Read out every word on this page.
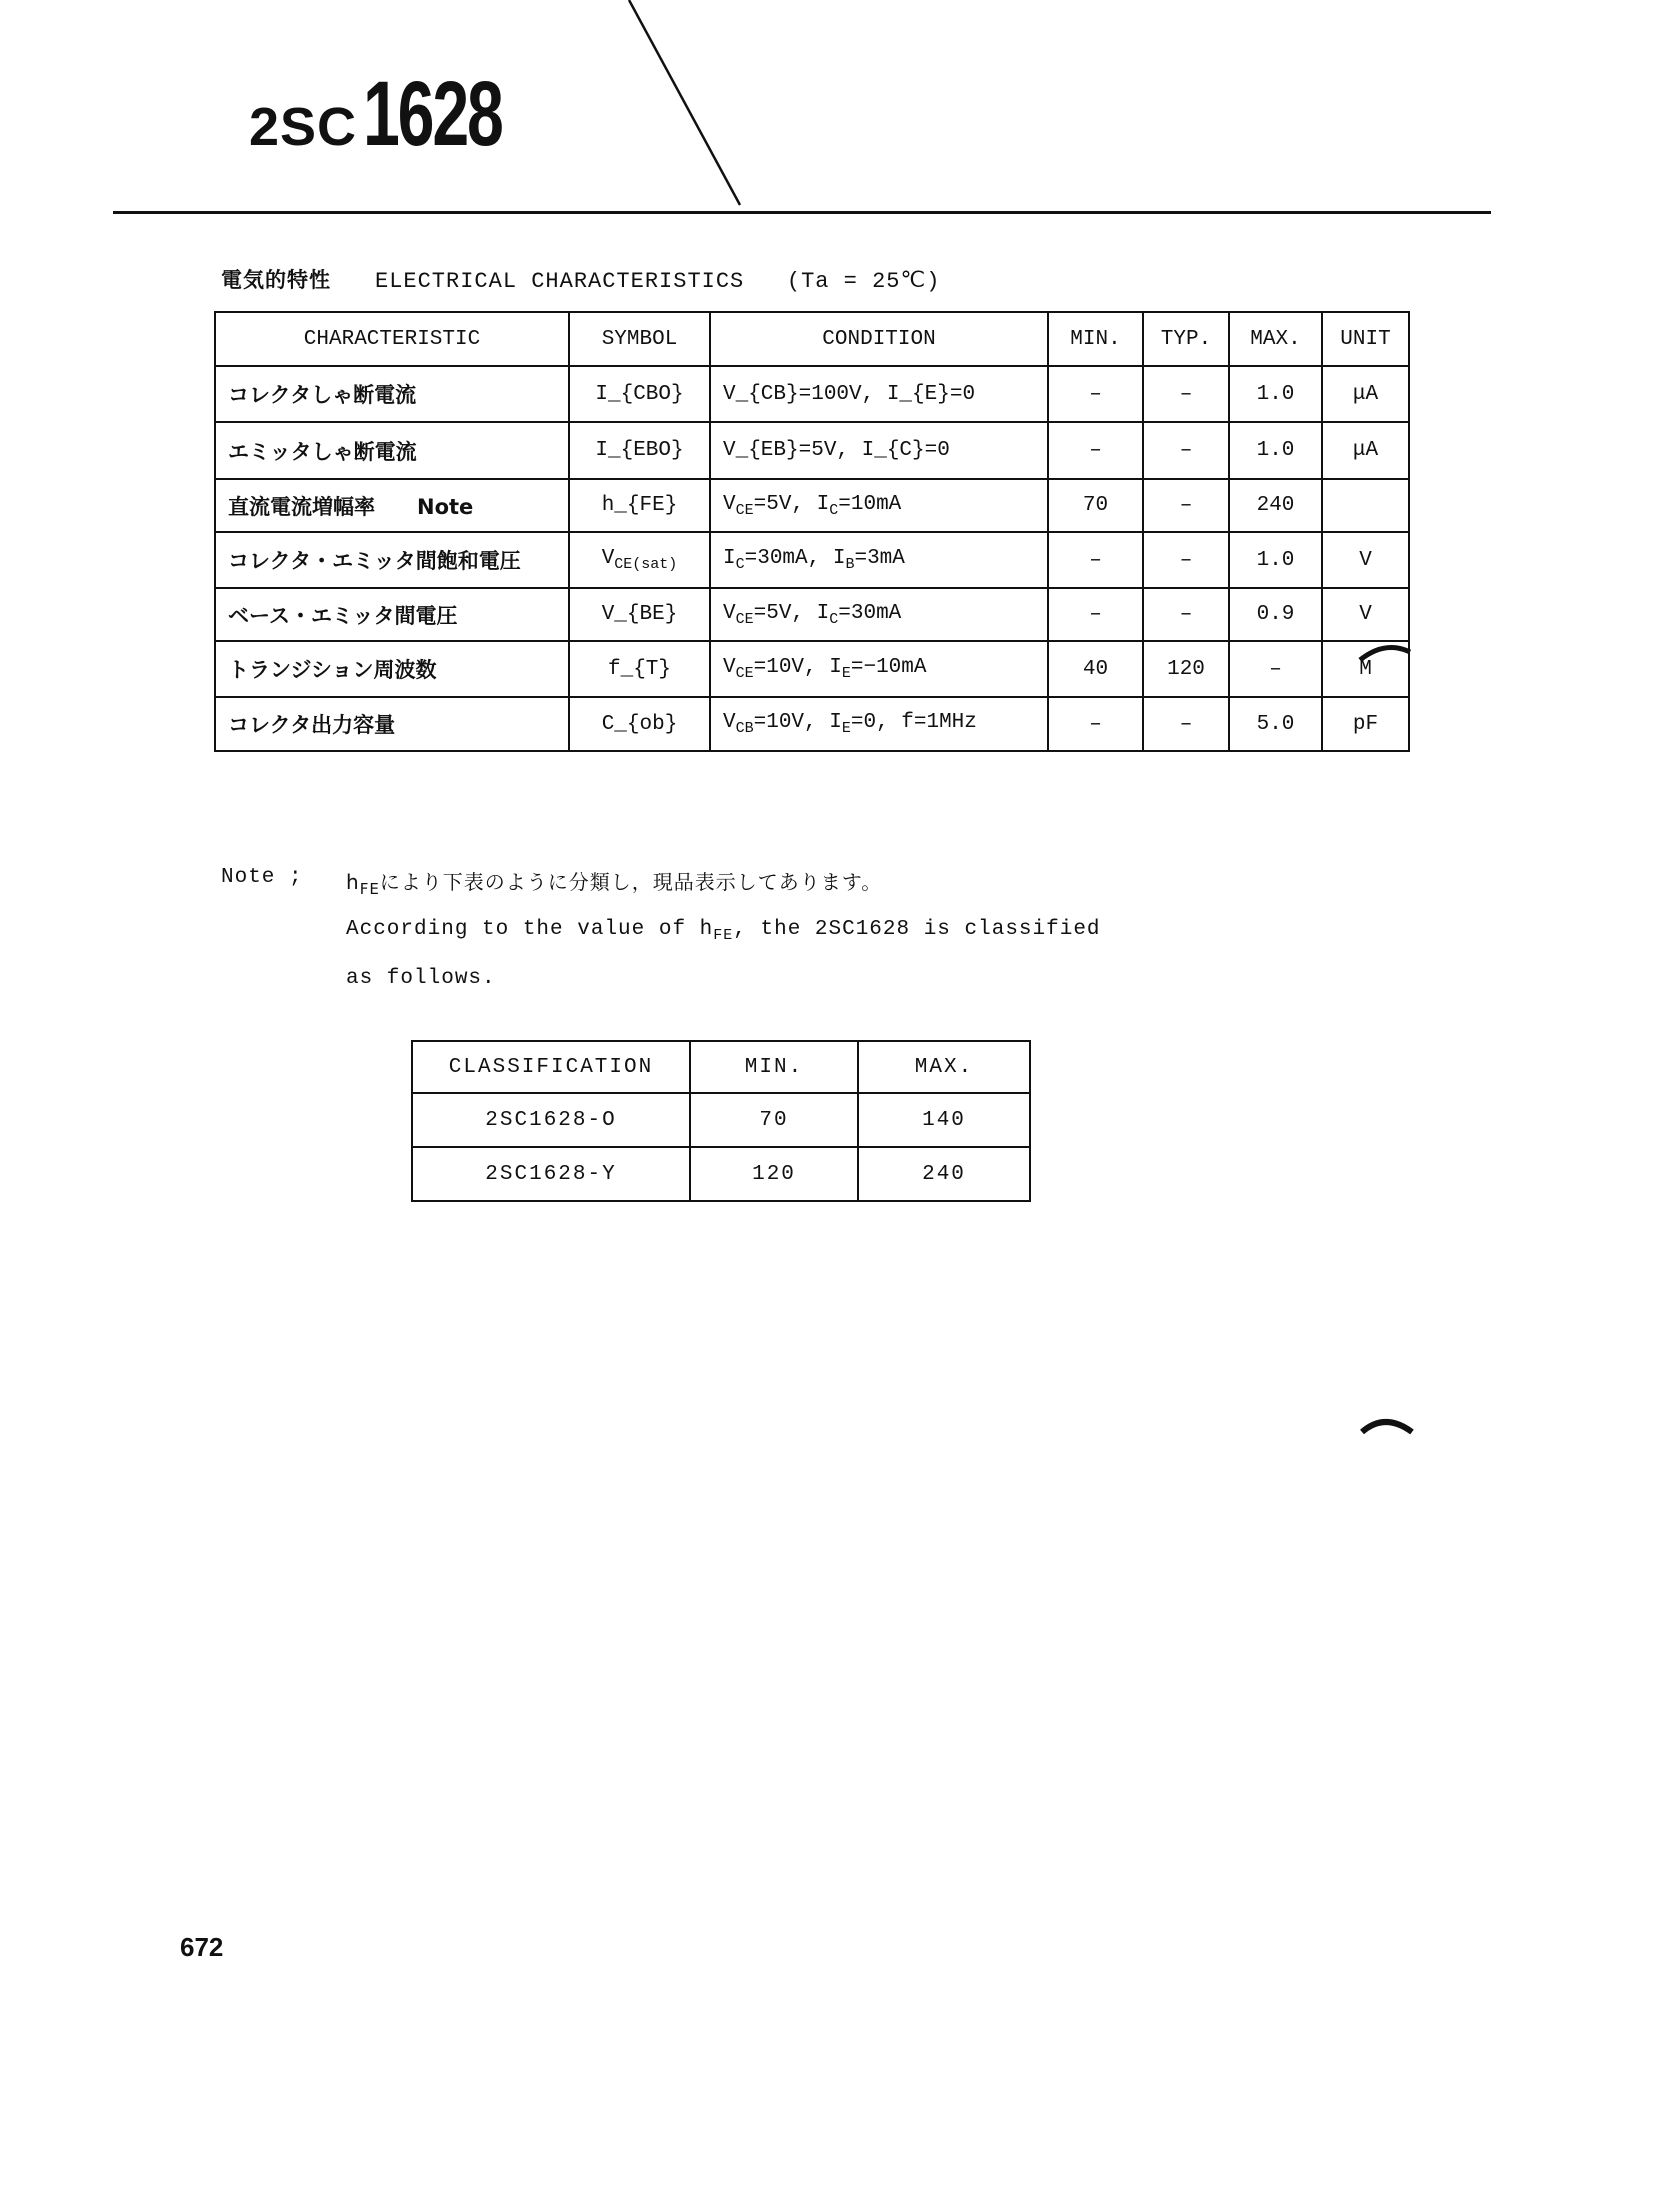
2SC1628
電気的特性 ELECTRICAL CHARACTERISTICS (Ta = 25℃)
CHARACTERISTIC	SYMBOL	CONDITION	MIN.	TYP.	MAX.	UNIT
コレクタしゃ断電流	I_{CBO}	V_{CB}=100V, I_{E}=0	–	–	1.0	μA
エミッタしゃ断電流	I_{EBO}	V_{EB}=5V, I_{C}=0	–	–	1.0	μA
直流電流増幅率　　Note	h_{FE}	$V_{CE}=5V$, $I_C=10mA$	70	–	240	
コレクタ・エミッタ間飽和電圧	$V_{CE(sat)}$	$I_C=30mA$, $I_B=3mA$	–	–	1.0	V
ベース・エミッタ間電圧	V_{BE}	$V_{CE}=5V$, $I_C=30mA$	–	–	0.9	V
トランジション周波数	f_{T}	$V_{CE}=10V$, $I_E=-10mA$	40	120	–	M
コレクタ出力容量	C_{ob}	$V_{CB}=10V$, $I_E=0$, f=1MHz	–	–	5.0	pF
Note ; $h_{FE}$により下表のように分類し，現品表示してあります。
According to the value of $h_{FE}$, the 2SC1628 is classified
as follows.
CLASSIFICATION	MIN.	MAX.
2SC1628-O	70	140
2SC1628-Y	120	240
672
